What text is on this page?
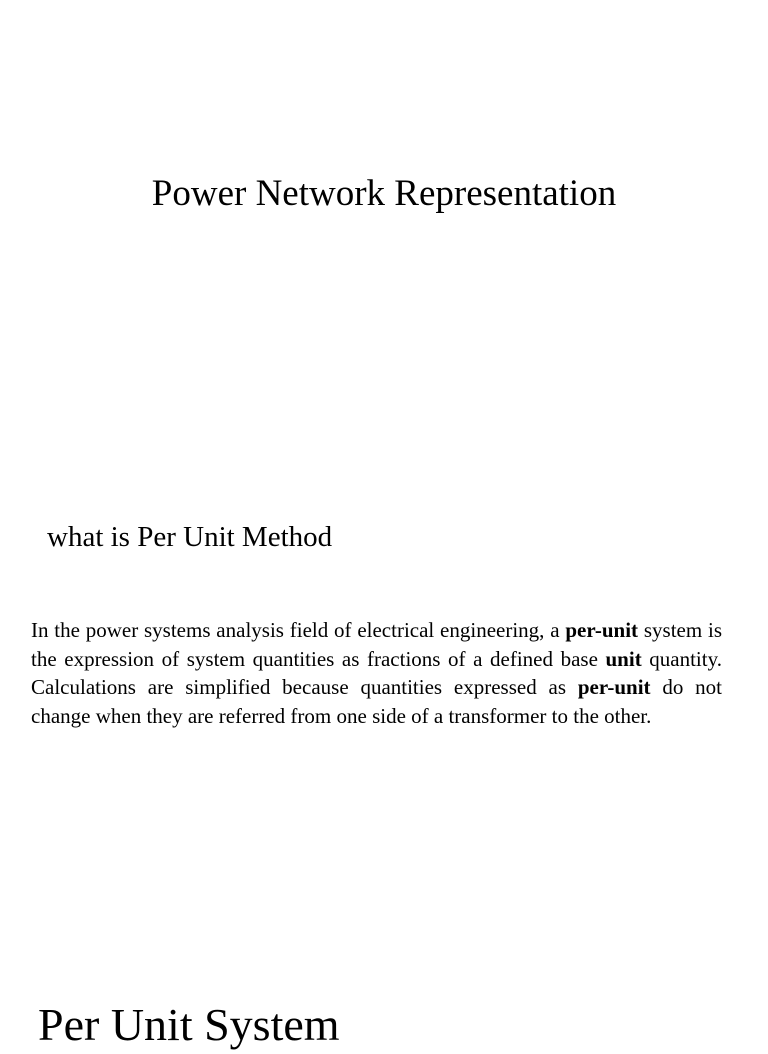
Power Network Representation
what is Per Unit Method

In the power systems analysis field of electrical engineering, a per-unit system is the expression of system quantities as fractions of a defined base unit quantity. Calculations are simplified because quantities expressed as per-unit do not change when they are referred from one side of a transformer to the other.

Per Unit System
